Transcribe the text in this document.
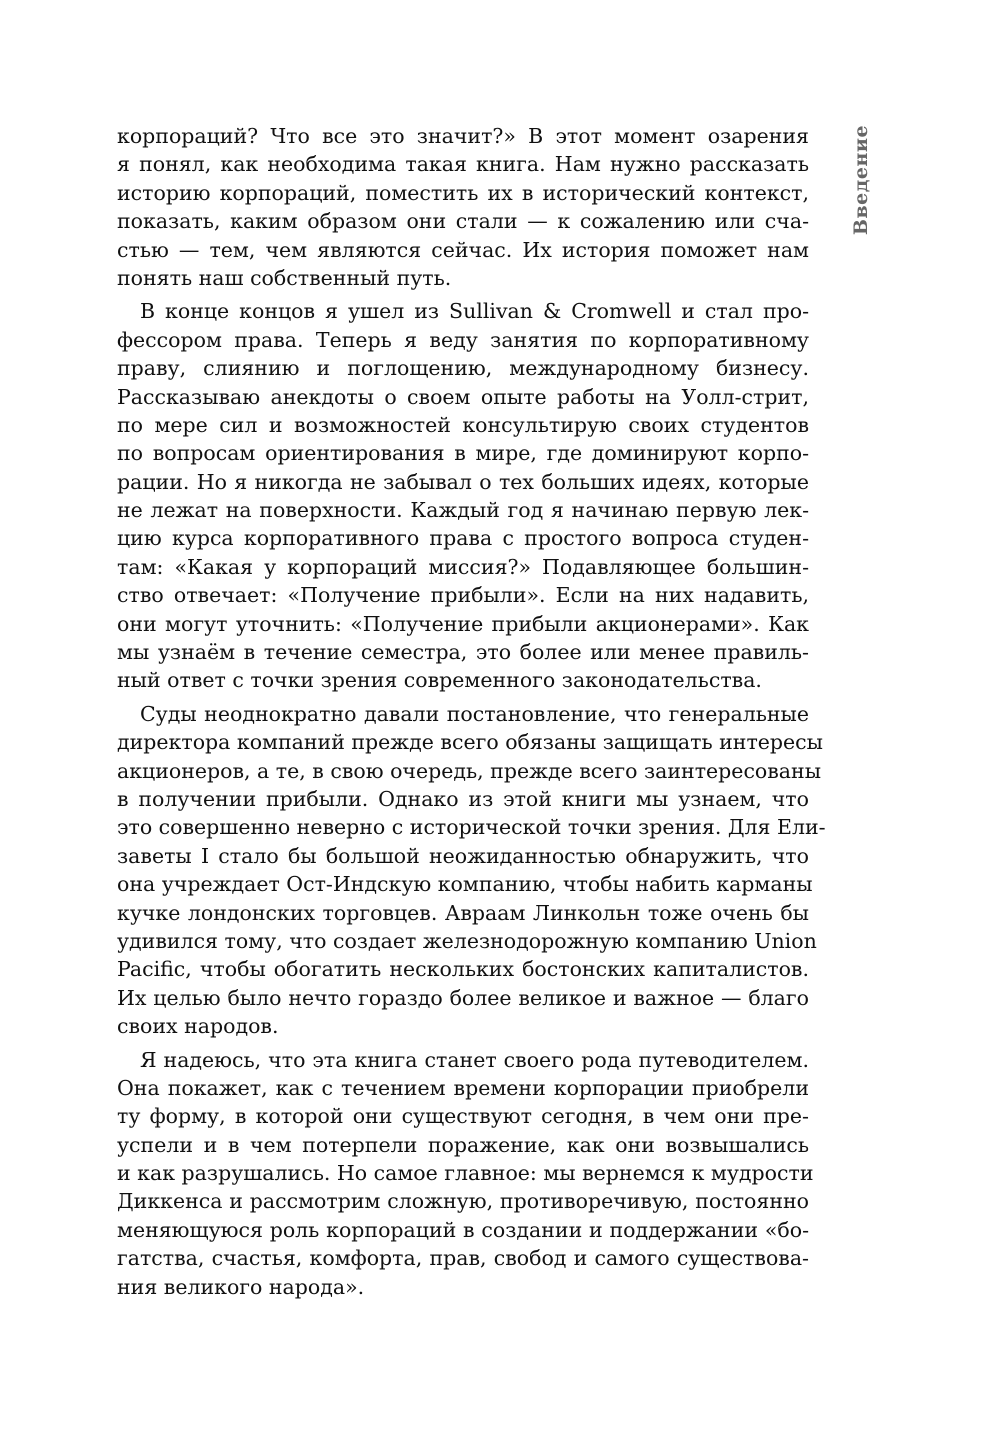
Введение
корпораций? Что все это значит?» В этот момент озарения
я понял, как необходима такая книга. Нам нужно рассказать
историю корпораций, поместить их в исторический контекст,
показать, каким образом они стали — к сожалению или сча-
стью — тем, чем являются сейчас. Их история поможет нам
понять наш собственный путь.
В конце концов я ушел из Sullivan & Cromwell и стал про-
фессором права. Теперь я веду занятия по корпоративному
праву, слиянию и поглощению, международному бизнесу.
Рассказываю анекдоты о своем опыте работы на Уолл-стрит,
по мере сил и возможностей консультирую своих студентов
по вопросам ориентирования в мире, где доминируют корпо-
рации. Но я никогда не забывал о тех больших идеях, которые
не лежат на поверхности. Каждый год я начинаю первую лек-
цию курса корпоративного права с простого вопроса студен-
там: «Какая у корпораций миссия?» Подавляющее большин-
ство отвечает: «Получение прибыли». Если на них надавить,
они могут уточнить: «Получение прибыли акционерами». Как
мы узнаём в течение семестра, это более или менее правиль-
ный ответ с точки зрения современного законодательства.
Суды неоднократно давали постановление, что генеральные
директора компаний прежде всего обязаны защищать интересы
акционеров, а те, в свою очередь, прежде всего заинтересованы
в получении прибыли. Однако из этой книги мы узнаем, что
это совершенно неверно с исторической точки зрения. Для Ели-
заветы I стало бы большой неожиданностью обнаружить, что
она учреждает Ост-Индскую компанию, чтобы набить карманы
кучке лондонских торговцев. Авраам Линкольн тоже очень бы
удивился тому, что создает железнодорожную компанию Union
Pacific, чтобы обогатить нескольких бостонских капиталистов.
Их целью было нечто гораздо более великое и важное — благо
своих народов.
Я надеюсь, что эта книга станет своего рода путеводителем.
Она покажет, как с течением времени корпорации приобрели
ту форму, в которой они существуют сегодня, в чем они пре-
успели и в чем потерпели поражение, как они возвышались
и как разрушались. Но самое главное: мы вернемся к мудрости
Диккенса и рассмотрим сложную, противоречивую, постоянно
меняющуюся роль корпораций в создании и поддержании «бо-
гатства, счастья, комфорта, прав, свобод и самого существова-
ния великого народа».
